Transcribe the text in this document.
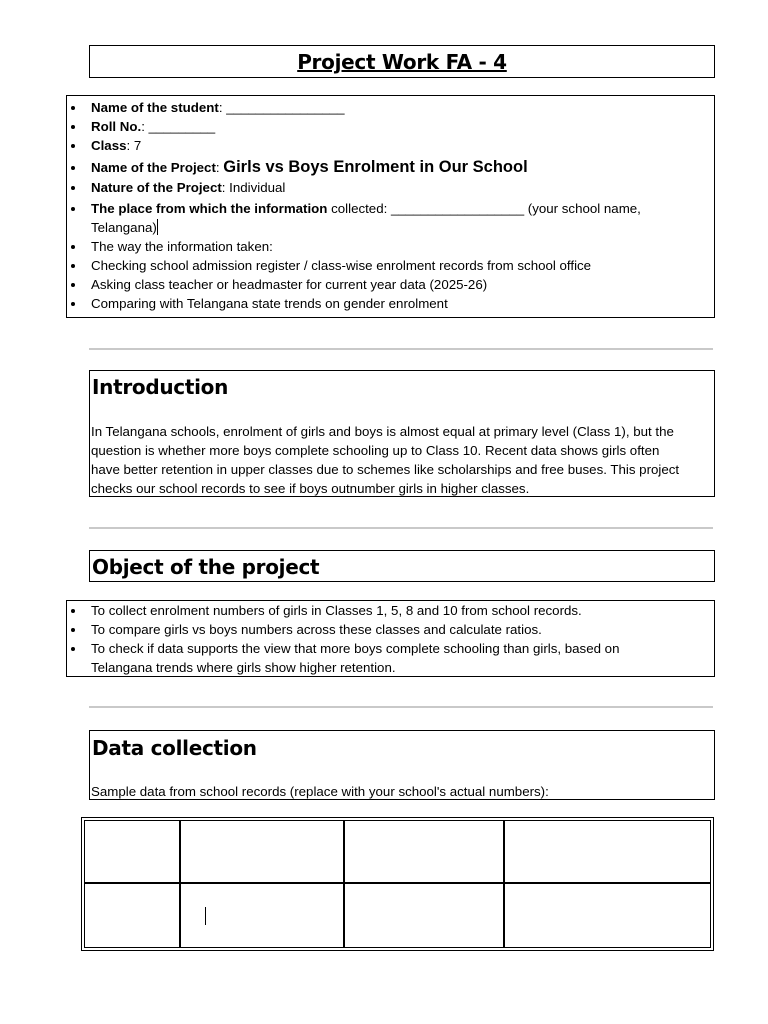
Project Work FA - 4
Name of the student: ________________
Roll No.: _________
Class: 7
Name of the Project: Girls vs Boys Enrolment in Our School
Nature of the Project: Individual
The place from which the information collected: __________________ (your school name,
Telangana)
The way the information taken:
Checking school admission register / class-wise enrolment records from school office
Asking class teacher or headmaster for current year data (2025-26)
Comparing with Telangana state trends on gender enrolment
Introduction

In Telangana schools, enrolment of girls and boys is almost equal at primary level (Class 1), but the

question is whether more boys complete schooling up to Class 10. Recent data shows girls often

have better retention in upper classes due to schemes like scholarships and free buses. This project

checks our school records to see if boys outnumber girls in higher classes.

Object of the project
To collect enrolment numbers of girls in Classes 1, 5, 8 and 10 from school records.
To compare girls vs boys numbers across these classes and calculate ratios.
To check if data supports the view that more boys complete schooling than girls, based on
Telangana trends where girls show higher retention.
Data collection

Sample data from school records (replace with your school's actual numbers):
